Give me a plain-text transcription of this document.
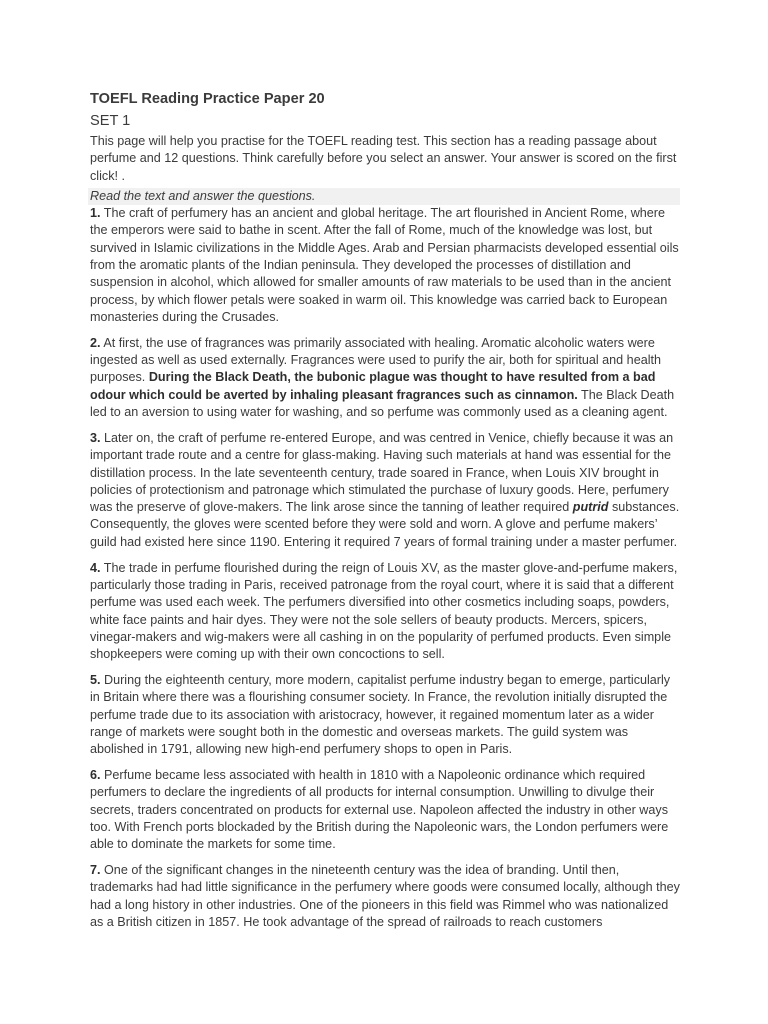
TOEFL Reading Practice Paper 20
SET 1

This page will help you practise for the TOEFL reading test. This section has a reading passage about perfume and 12 questions. Think carefully before you select an answer. Your answer is scored on the first click! .

Read the text and answer the questions.

1. The craft of perfumery has an ancient and global heritage. The art flourished in Ancient Rome, where the emperors were said to bathe in scent. After the fall of Rome, much of the knowledge was lost, but survived in Islamic civilizations in the Middle Ages. Arab and Persian pharmacists developed essential oils from the aromatic plants of the Indian peninsula. They developed the processes of distillation and suspension in alcohol, which allowed for smaller amounts of raw materials to be used than in the ancient process, by which flower petals were soaked in warm oil. This knowledge was carried back to European monasteries during the Crusades.

2. At first, the use of fragrances was primarily associated with healing. Aromatic alcoholic waters were ingested as well as used externally. Fragrances were used to purify the air, both for spiritual and health purposes. During the Black Death, the bubonic plague was thought to have resulted from a bad odour which could be averted by inhaling pleasant fragrances such as cinnamon. The Black Death led to an aversion to using water for washing, and so perfume was commonly used as a cleaning agent.

3. Later on, the craft of perfume re-entered Europe, and was centred in Venice, chiefly because it was an important trade route and a centre for glass-making. Having such materials at hand was essential for the distillation process. In the late seventeenth century, trade soared in France, when Louis XIV brought in policies of protectionism and patronage which stimulated the purchase of luxury goods. Here, perfumery was the preserve of glove-makers. The link arose since the tanning of leather required putrid substances. Consequently, the gloves were scented before they were sold and worn. A glove and perfume makers’ guild had existed here since 1190. Entering it required 7 years of formal training under a master perfumer.

4. The trade in perfume flourished during the reign of Louis XV, as the master glove-and-perfume makers, particularly those trading in Paris, received patronage from the royal court, where it is said that a different perfume was used each week. The perfumers diversified into other cosmetics including soaps, powders, white face paints and hair dyes. They were not the sole sellers of beauty products. Mercers, spicers, vinegar-makers and wig-makers were all cashing in on the popularity of perfumed products. Even simple shopkeepers were coming up with their own concoctions to sell.

5. During the eighteenth century, more modern, capitalist perfume industry began to emerge, particularly in Britain where there was a flourishing consumer society. In France, the revolution initially disrupted the perfume trade due to its association with aristocracy, however, it regained momentum later as a wider range of markets were sought both in the domestic and overseas markets. The guild system was abolished in 1791, allowing new high-end perfumery shops to open in Paris.

6. Perfume became less associated with health in 1810 with a Napoleonic ordinance which required perfumers to declare the ingredients of all products for internal consumption. Unwilling to divulge their secrets, traders concentrated on products for external use. Napoleon affected the industry in other ways too. With French ports blockaded by the British during the Napoleonic wars, the London perfumers were able to dominate the markets for some time.

7. One of the significant changes in the nineteenth century was the idea of branding. Until then, trademarks had had little significance in the perfumery where goods were consumed locally, although they had a long history in other industries. One of the pioneers in this field was Rimmel who was nationalized as a British citizen in 1857. He took advantage of the spread of railroads to reach customers
